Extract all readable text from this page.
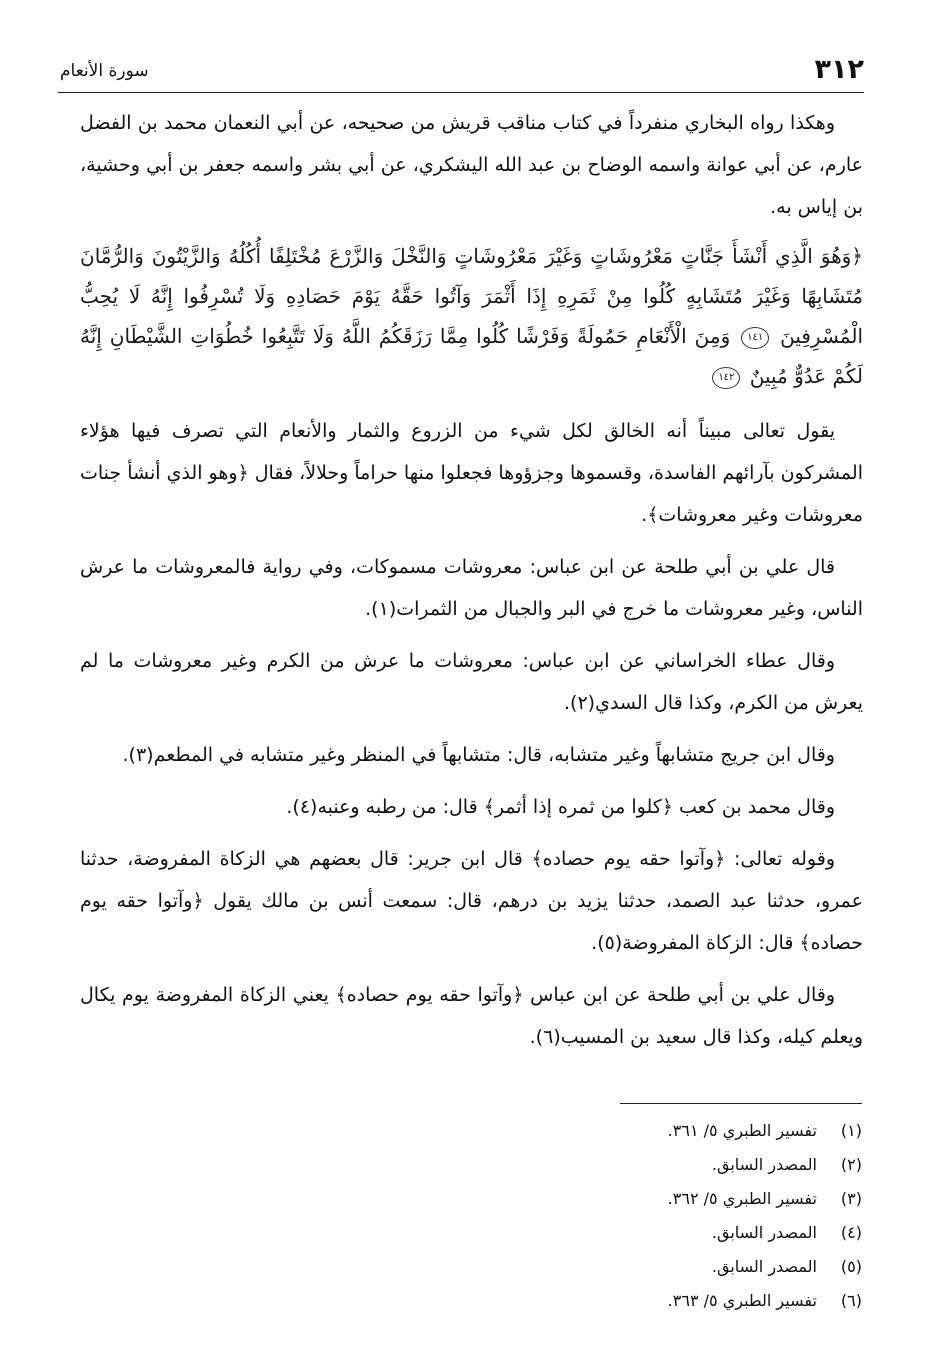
٣١٢
سورة الأنعام

وهكذا رواه البخاري منفرداً في كتاب مناقب قريش من صحيحه، عن أبي النعمان محمد بن الفضل عارم، عن أبي عوانة واسمه الوضاح بن عبد الله اليشكري، عن أبي بشر واسمه جعفر بن أبي وحشية، بن إياس به.

﴿وَهُوَ الَّذِي أَنْشَأَ جَنَّاتٍ مَعْرُوشَاتٍ وَغَيْرَ مَعْرُوشَاتٍ وَالنَّخْلَ وَالزَّرْعَ مُخْتَلِفًا أُكُلُهُ وَالزَّيْتُونَ وَالرُّمَّانَ مُتَشَابِهًا وَغَيْرَ مُتَشَابِهٍ كُلُوا مِنْ ثَمَرِهِ إِذَا أَثْمَرَ وَآتُوا حَقَّهُ يَوْمَ حَصَادِهِ وَلَا تُسْرِفُوا إِنَّهُ لَا يُحِبُّ الْمُسْرِفِينَ ١٤١ وَمِنَ الْأَنْعَامِ حَمُولَةً وَفَرْشًا كُلُوا مِمَّا رَزَقَكُمُ اللَّهُ وَلَا تَتَّبِعُوا خُطُوَاتِ الشَّيْطَانِ إِنَّهُ لَكُمْ عَدُوٌّ مُبِينٌ ١٤٢

يقول تعالى مبيناً أنه الخالق لكل شيء من الزروع والثمار والأنعام التي تصرف فيها هؤلاء المشركون بآرائهم الفاسدة، وقسموها وجزؤوها فجعلوا منها حراماً وحلالاً، فقال ﴿وهو الذي أنشأ جنات معروشات وغير معروشات﴾.

قال علي بن أبي طلحة عن ابن عباس: معروشات مسموكات، وفي رواية فالمعروشات ما عرش الناس، وغير معروشات ما خرج في البر والجبال من الثمرات(١).

وقال عطاء الخراساني عن ابن عباس: معروشات ما عرش من الكرم وغير معروشات ما لم يعرش من الكرم، وكذا قال السدي(٢).

وقال ابن جريج متشابهاً وغير متشابه، قال: متشابهاً في المنظر وغير متشابه في المطعم(٣).

وقال محمد بن كعب ﴿كلوا من ثمره إذا أثمر﴾ قال: من رطبه وعنبه(٤).

وقوله تعالى: ﴿وآتوا حقه يوم حصاده﴾ قال ابن جرير: قال بعضهم هي الزكاة المفروضة، حدثنا عمرو، حدثنا عبد الصمد، حدثنا يزيد بن درهم، قال: سمعت أنس بن مالك يقول ﴿وآتوا حقه يوم حصاده﴾ قال: الزكاة المفروضة(٥).

وقال علي بن أبي طلحة عن ابن عباس ﴿وآتوا حقه يوم حصاده﴾ يعني الزكاة المفروضة يوم يكال ويعلم كيله، وكذا قال سعيد بن المسيب(٦).

(١) تفسير الطبري ٥/ ٣٦١.
(٢) المصدر السابق.
(٣) تفسير الطبري ٥/ ٣٦٢.
(٤) المصدر السابق.
(٥) المصدر السابق.
(٦) تفسير الطبري ٥/ ٣٦٣.
